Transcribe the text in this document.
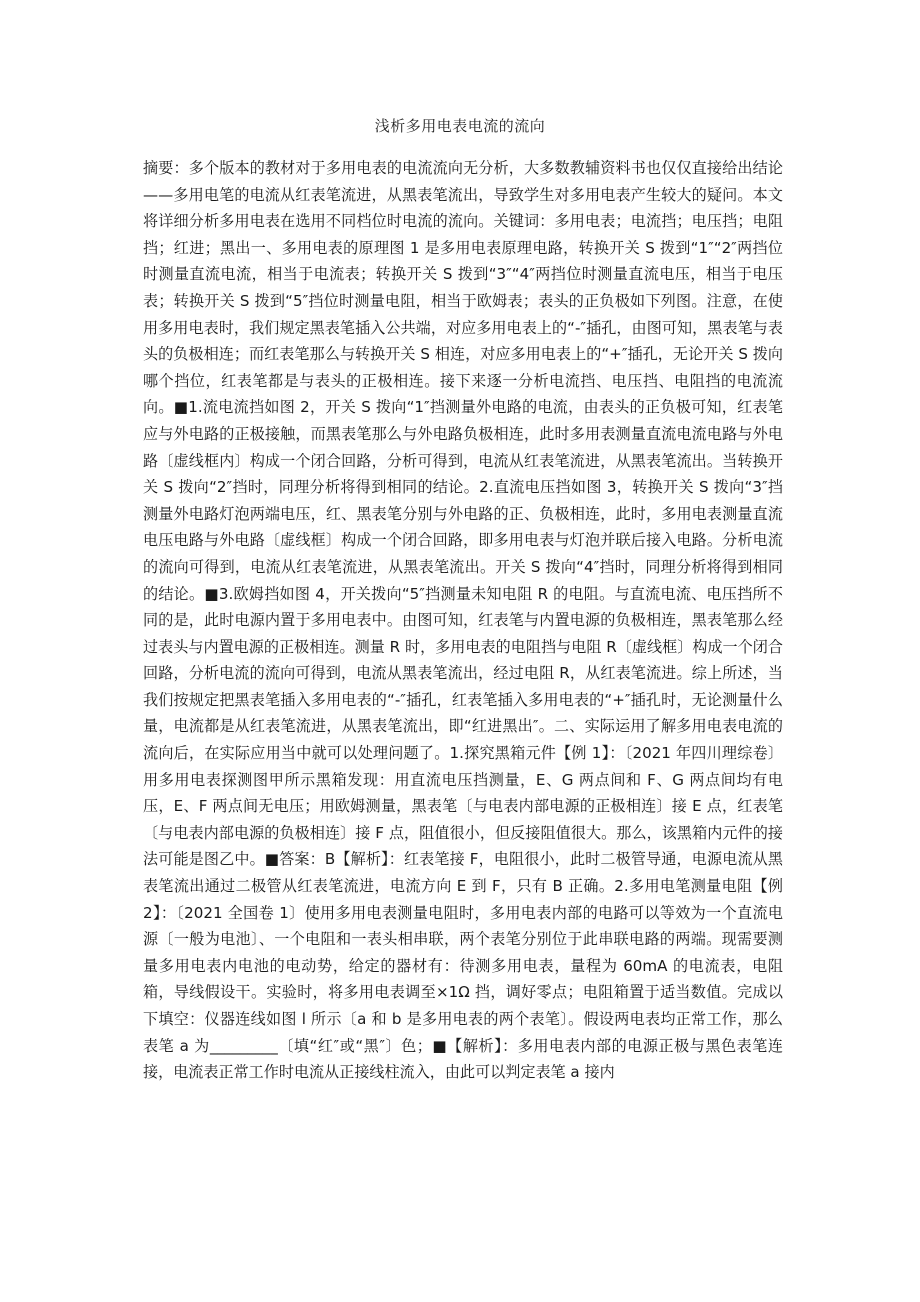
浅析多用电表电流的流向

摘要：多个版本的教材对于多用电表的电流流向无分析，大多数教辅资料书也仅仅直接给出结论——多用电笔的电流从红表笔流进，从黑表笔流出，导致学生对多用电表产生较大的疑问。本文将详细分析多用电表在选用不同档位时电流的流向。关键词：多用电表；电流挡；电压挡；电阻挡；红进；黑出一、多用电表的原理图 1 是多用电表原理电路，转换开关 S 拨到“1″“2″两挡位时测量直流电流，相当于电流表；转换开关 S 拨到“3″“4″两挡位时测量直流电压，相当于电压表；转换开关 S 拨到“5″挡位时测量电阻，相当于欧姆表；表头的正负极如下列图。注意，在使用多用电表时，我们规定黑表笔插入公共端，对应多用电表上的“-″插孔，由图可知，黑表笔与表头的负极相连；而红表笔那么与转换开关 S 相连，对应多用电表上的“+″插孔，无论开关 S 拨向哪个挡位，红表笔都是与表头的正极相连。接下来逐一分析电流挡、电压挡、电阻挡的电流流向。■1.流电流挡如图 2，开关 S 拨向“1″挡测量外电路的电流，由表头的正负极可知，红表笔应与外电路的正极接触，而黑表笔那么与外电路负极相连，此时多用表测量直流电流电路与外电路〔虚线框内〕构成一个闭合回路，分析可得到，电流从红表笔流进，从黑表笔流出。当转换开关 S 拨向“2″挡时，同理分析将得到相同的结论。2.直流电压挡如图 3，转换开关 S 拨向“3″挡测量外电路灯泡两端电压，红、黑表笔分别与外电路的正、负极相连，此时，多用电表测量直流电压电路与外电路〔虚线框〕构成一个闭合回路，即多用电表与灯泡并联后接入电路。分析电流的流向可得到，电流从红表笔流进，从黑表笔流出。开关 S 拨向“4″挡时，同理分析将得到相同的结论。■3.欧姆挡如图 4，开关拨向“5″挡测量未知电阻 R 的电阻。与直流电流、电压挡所不同的是，此时电源内置于多用电表中。由图可知，红表笔与内置电源的负极相连，黑表笔那么经过表头与内置电源的正极相连。测量 R 时，多用电表的电阻挡与电阻 R〔虚线框〕构成一个闭合回路，分析电流的流向可得到，电流从黑表笔流出，经过电阻 R，从红表笔流进。综上所述，当我们按规定把黑表笔插入多用电表的“-″插孔，红表笔插入多用电表的“+″插孔时，无论测量什么量，电流都是从红表笔流进，从黑表笔流出，即“红进黑出″。二、实际运用了解多用电表电流的流向后，在实际应用当中就可以处理问题了。1.探究黑箱元件【例 1】：〔2021 年四川理综卷〕用多用电表探测图甲所示黑箱发现：用直流电压挡测量，E、G 两点间和 F、G 两点间均有电压，E、F 两点间无电压；用欧姆测量，黑表笔〔与电表内部电源的正极相连〕接 E 点，红表笔〔与电表内部电源的负极相连〕接 F 点，阻值很小，但反接阻值很大。那么，该黑箱内元件的接法可能是图乙中。■答案：B【解析】：红表笔接 F，电阻很小，此时二极管导通，电源电流从黑表笔流出通过二极管从红表笔流进，电流方向 E 到 F，只有 B 正确。2.多用电笔测量电阻【例 2】：〔2021 全国卷 1〕使用多用电表测量电阻时，多用电表内部的电路可以等效为一个直流电源〔一般为电池〕、一个电阻和一表头相串联，两个表笔分别位于此串联电路的两端。现需要测量多用电表内电池的电动势，给定的器材有：待测多用电表，量程为 60mA 的电流表，电阻箱，导线假设干。实验时，将多用电表调至×1Ω 挡，调好零点；电阻箱置于适当数值。完成以下填空：仪器连线如图 l 所示〔a 和 b 是多用电表的两个表笔〕。假设两电表均正常工作，那么表笔 a 为_________〔填“红″或“黑″〕色；■【解析】：多用电表内部的电源正极与黑色表笔连接，电流表正常工作时电流从正接线柱流入，由此可以判定表笔 a 接内
